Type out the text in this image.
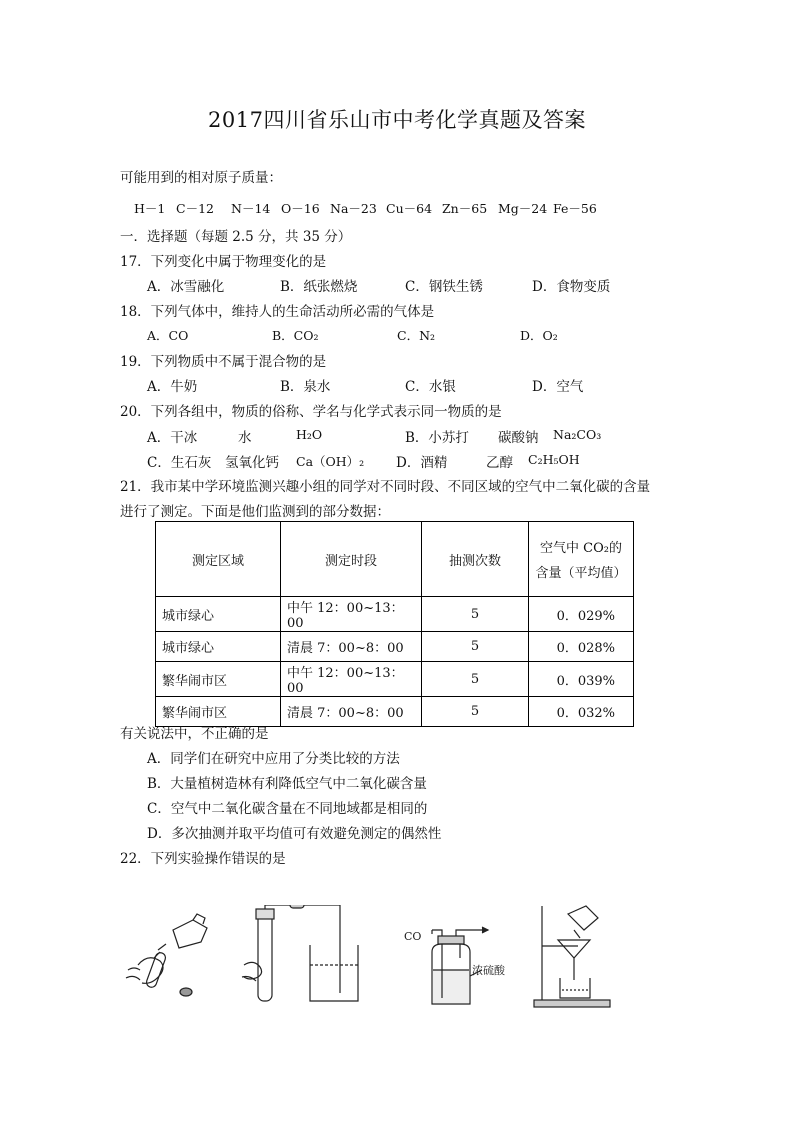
2017四川省乐山市中考化学真题及答案
可能用到的相对原子质量：
H－1 C－12 N－14 O－16 Na－23 Cu－64 Zn－65 Mg－24 Fe－56
一．选择题（每题 2.5 分，共 35 分）
17．下列变化中属于物理变化的是
A．冰雪融化	B．纸张燃烧	C．钢铁生锈	D．食物变质
18．下列气体中，维持人的生命活动所必需的气体是
A．CO	B．CO₂	C．N₂	D．O₂
19．下列物质中不属于混合物的是
A．牛奶	B．泉水	C．水银	D．空气
20．下列各组中，物质的俗称、学名与化学式表示同一物质的是
A．干冰	水	H₂O	B．小苏打 碳酸钠 Na₂CO₃
C．生石灰 氢氧化钙 Ca（OH）₂ D．酒精	乙醇 C₂H₅OH
21．我市某中学环境监测兴趣小组的同学对不同时段、不同区域的空气中二氧化碳的含量
进行了测定。下面是他们监测到的部分数据：
测定区域	测定时段	抽测次数	空气中 CO₂的
含量（平均值）

城市绿心	中午 12：00~13：00	5	0．029%
城市绿心	清晨 7：00~8：00	5	0．028%
繁华闹市区	中午 12：00~13：00	5	0．039%
繁华闹市区	清晨 7：00~8：00	5	0．032%
有关说法中，不正确的是
A．同学们在研究中应用了分类比较的方法
B．大量植树造林有利降低空气中二氧化碳含量
C．空气中二氧化碳含量在不同地域都是相同的
D．多次抽测并取平均值可有效避免测定的偶然性
22．下列实验操作错误的是
CO
浓硫酸
